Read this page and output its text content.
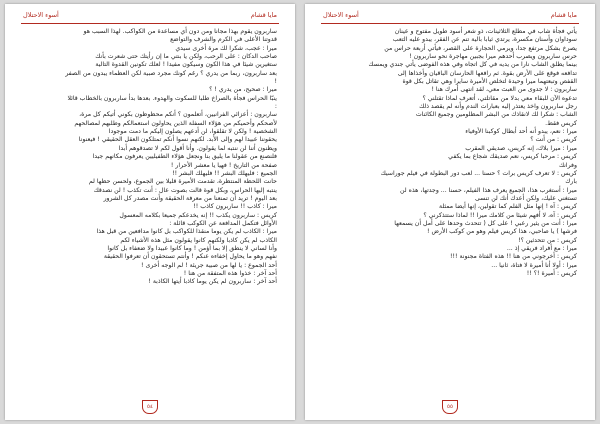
أسوء الاحتلال	مايا قشام

ساربرون يقوم بهذا مجانا ومن دون أي مساعدة من الكواكب. لهذا السبب هو

قدوتنا الأعلى في الكرم والشرف والتواضع

ميرا : عجب، شكرا لك مرة أخرى سيدي

صاحب الدكان : على الرحب، ولكن يا بنتي ما إن رأيتك حتى شعرت بأنك

ستغيرين شيئا في هذا الكون وسيكون مفيدا ! لعلك تكونين القدوة التالية

بعد ساربرون، ربما من يدري ؟ رغم كونك مجرد صبية لكن العظماء يبدون من الصفر

!

ميرا : صحيح، من يدري ! ؟

ينبّا الحراس فجأة بالصراخ طلبا للسكوت والهدوء. بعدها بدأ ساربرون بالخطاب قائلا

:

ساربرون : أعزائي الفرانيين، أتعلمون ؟ أنكم محظوظون بكوني أتيكم كل مرة،

لأصحكم وأحميكم من هؤلاء السفلة الذين يحاولون استعمالكم وطلبهم لمصالحهم

الشخصية ! ولكن لا تقلقوا، لن أدعهم يصلون إليكم ما دمت موجودا

يحقوننا عبيدا لهم وإلى الأبد. لكنهم نسوا أنكم تمتلكون العقل الحقيقي ! فيعنونا

ويظنون أننا لن ننتبه لما يقولون. وأنا أقول لكم لا تصدقوهم أبدا

فلنصنع من عقولنا ما يليق بنا ونجعل هؤلاء الطفيليين يعرفون مكانهم جيدا

صفحة من التاريخ ! فهيا يا معشر الأحرار !

الجميع : فليهلك البشر !! فليهلك البشر !!

حانت اللحظة المنتظرة، تقدمت الأميرة قليلا بين الجموع، ولحسن حظها لم

ينتبه إليها الحراس، وبكل قوة قالت بصوت عال : أنت تكذب ! لن نصدقك

بعد اليوم ! تريد أن تمنعنا من معرفة الحقيقة وأنت مصدر كل الشرور

ميرا : كاذب !! ساربرون كاذب !!

كريس : ساربرون يكذب !! إنه يخدعكم جميعا بكلامه المعسول

الأوائل فتكمل المدافعة عن الكوكب قائلة :

ميرا : الكاذب لم يكن يوما منقذا للكواكب بل كانوا مدافعين من قبل هذا

الكاذب لم يكن كاذبا ولكنهم كانوا يقولون مثل هذه الأشياء لكم

وأنا لساني لا ينطق إلا بما أؤمن ! وما كانوا عبيدا ولا ضعفاء بل كانوا

نفهم وهو ما يحاول إخفاءه عنكم ! وأنتم تستحقون أن تعرفوا الحقيقة

أحد الجموع : يا لها من صبية جريئة ! لم الوجه أخرى !

أحد آخر : خذوا هذه المتفقة من هنا !

أحد آخر : ساربرون لم يكن يوما كاذبا أيتها الكاذبة !

٥٤
أسوء الاحتلال	مايا قشام

يأتي فجأة شاب في مطلع الثلاثينات، ذو شعر أسود طويل مفتوح و عينان

سوداوان وأسنان مكسرة، يرتدي ثيابا بالية تنم عن الفقر، يبدو عليه التعب

يصرخ بشكل مرتفع جدا، ويرمي الحجارة على القصر، فيأتي أربعة حراس من

حرس ساربرون ويصرب أحدهم ميرا بجبين مهاجرة نحو ساربرون !

بينما يطلق الشاب نارا من يديه في كل اتجاه وفي هذه الفوضى يأتي جندي ويمسك

تدافعه فوقع على الأرض بقوة. ثم رافعها الحارسان الباقيان وأخذاها إلى

القفص وتبعتهما ميرا وحيدة لتخلص الأميرة سايرا وهي تقاتل بكل قوة

ساربرون : لا جدوى من العبث معي، لقد انتهى أمرك هنا !

تدعوه الآن للبقاء معي بدلا من مقاتلتي، أتعرف لماذا تقتلني ؟

رجل ساربرون واخذ يعتذر إليه بعبارات الندم وأنه لم يقصد ذلك

الشاب : شكرا لك لانقاذك من البشر المظلومين وجميع الكائنات

كريس فقط.

ميرا : نعم، يبدو أنه أحد أبطال كوكبنا الأوفياء

كريس : من أنت ؟

ميرا : ميرا بلاك، إنه كريس، صديقي المقرب

كريس : مرحبا كريس، نعم صديقك شجاع بما يكفي

وفرانك

كريس : لا تعرف كريس برات ؟ حسنا ... لعب دور البطولة في فيلم جوراسيك

بارك

ميرا : أستغرب هذا، الجميع يعرف هذا الفيلم، حسنا ... وجدتها، هذه لن

تستغني عليك، ولكن أعدك أنك لن تنسى

كريس : آه ! إنها مثل الفلم كما تقولين، إنها أيضا ممثلة

كريس : آه، لا أفهم شيئا من كلامك ميرا !! لماذا ستتذكرني ؟

ميرا : أنت من يثير رعبي ! على كل ( تتحدث وحدها على أمل أن يسمعها

فرشها ) يا صاحبي، هذا كريس فيلم وهو من كوكب الأرض !

كريس : من تتحدثين ؟!

ميرا : مع أفراد فريقي إذ ...

كريس : أخرجوني من هنا !! هذه الفتاة مجنونة !!!

ميرا : أولا أنا أميرة لا فتاة، ثانيا ...

كريس : أميرة !؟ !!

٥٥
